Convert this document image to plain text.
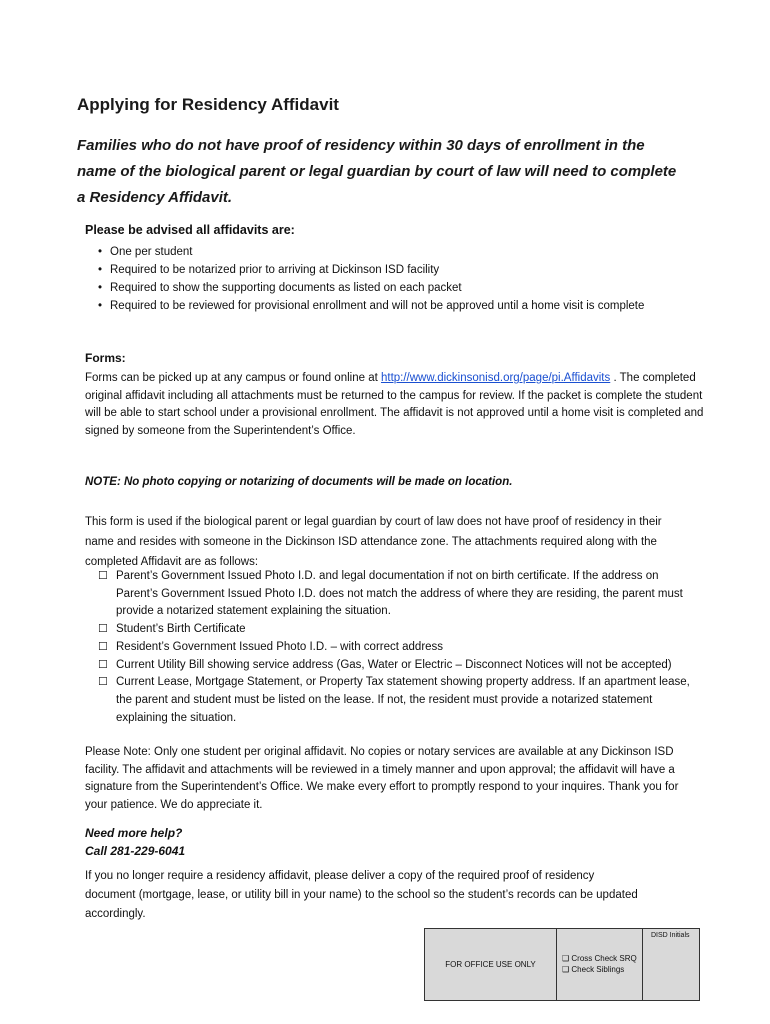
Applying for Residency Affidavit
Families who do not have proof of residency within 30 days of enrollment in the name of the biological parent or legal guardian by court of law will need to complete a Residency Affidavit.
Please be advised all affidavits are:
• One per student
• Required to be notarized prior to arriving at Dickinson ISD facility
• Required to show the supporting documents as listed on each packet
• Required to be reviewed for provisional enrollment and will not be approved until a home visit is complete
Forms:
Forms can be picked up at any campus or found online at http://www.dickinsonisd.org/page/pi.Affidavits . The completed original affidavit including all attachments must be returned to the campus for review. If the packet is complete the student will be able to start school under a provisional enrollment. The affidavit is not approved until a home visit is completed and signed by someone from the Superintendent’s Office.
NOTE: No photo copying or notarizing of documents will be made on location.
This form is used if the biological parent or legal guardian by court of law does not have proof of residency in their name and resides with someone in the Dickinson ISD attendance zone. The attachments required along with the completed Affidavit are as follows:
☐ Parent’s Government Issued Photo I.D. and legal documentation if not on birth certificate. If the address on Parent’s Government Issued Photo I.D. does not match the address of where they are residing, the parent must provide a notarized statement explaining the situation.
☐ Student’s Birth Certificate
☐ Resident’s Government Issued Photo I.D. – with correct address
☐ Current Utility Bill showing service address (Gas, Water or Electric – Disconnect Notices will not be accepted)
☐ Current Lease, Mortgage Statement, or Property Tax statement showing property address. If an apartment lease, the parent and student must be listed on the lease. If not, the resident must provide a notarized statement explaining the situation.
Please Note: Only one student per original affidavit. No copies or notary services are available at any Dickinson ISD facility. The affidavit and attachments will be reviewed in a timely manner and upon approval; the affidavit will have a signature from the Superintendent’s Office. We make every effort to promptly respond to your inquires. Thank you for your patience. We do appreciate it.
Need more help?
Call 281-229-6041
If you no longer require a residency affidavit, please deliver a copy of the required proof of residency document (mortgage, lease, or utility bill in your name) to the school so the student’s records can be updated accordingly.
FOR OFFICE USE ONLY
❑ Cross Check SRQ
❑ Check Siblings
DISD Initials
